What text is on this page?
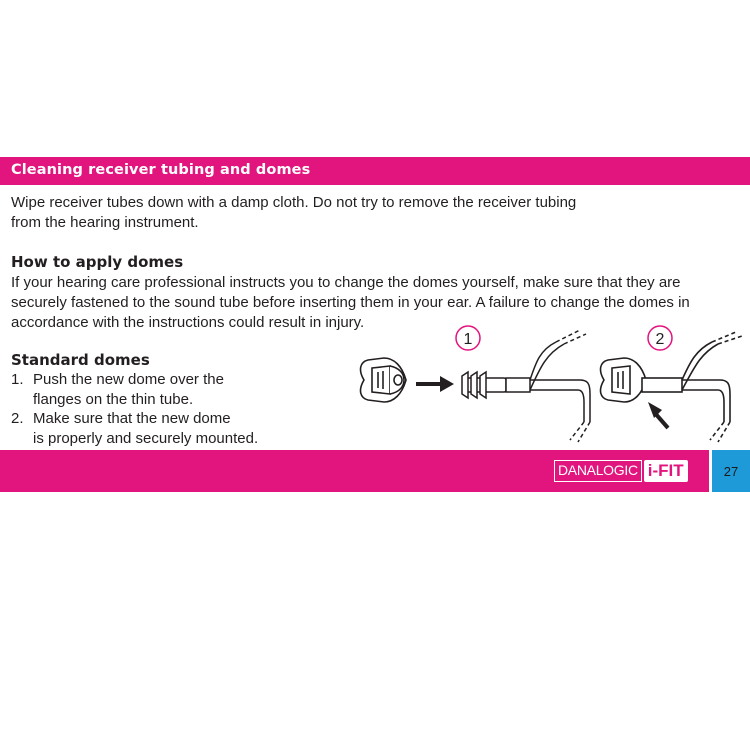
Cleaning receiver tubing and domes

Wipe receiver tubes down with a damp cloth. Do not try to remove the receiver tubing
from the hearing instrument.

How to apply domes

If your hearing care professional instructs you to change the domes yourself, make sure that they are
securely fastened to the sound tube before inserting them in your ear. A failure to change the domes in
accordance with the instructions could result in injury.

Standard domes
1. Push the new dome over the
flanges on the thin tube.
2. Make sure that the new dome
is properly and securely mounted.
1	2
DANALOGIC i-FIT	27
